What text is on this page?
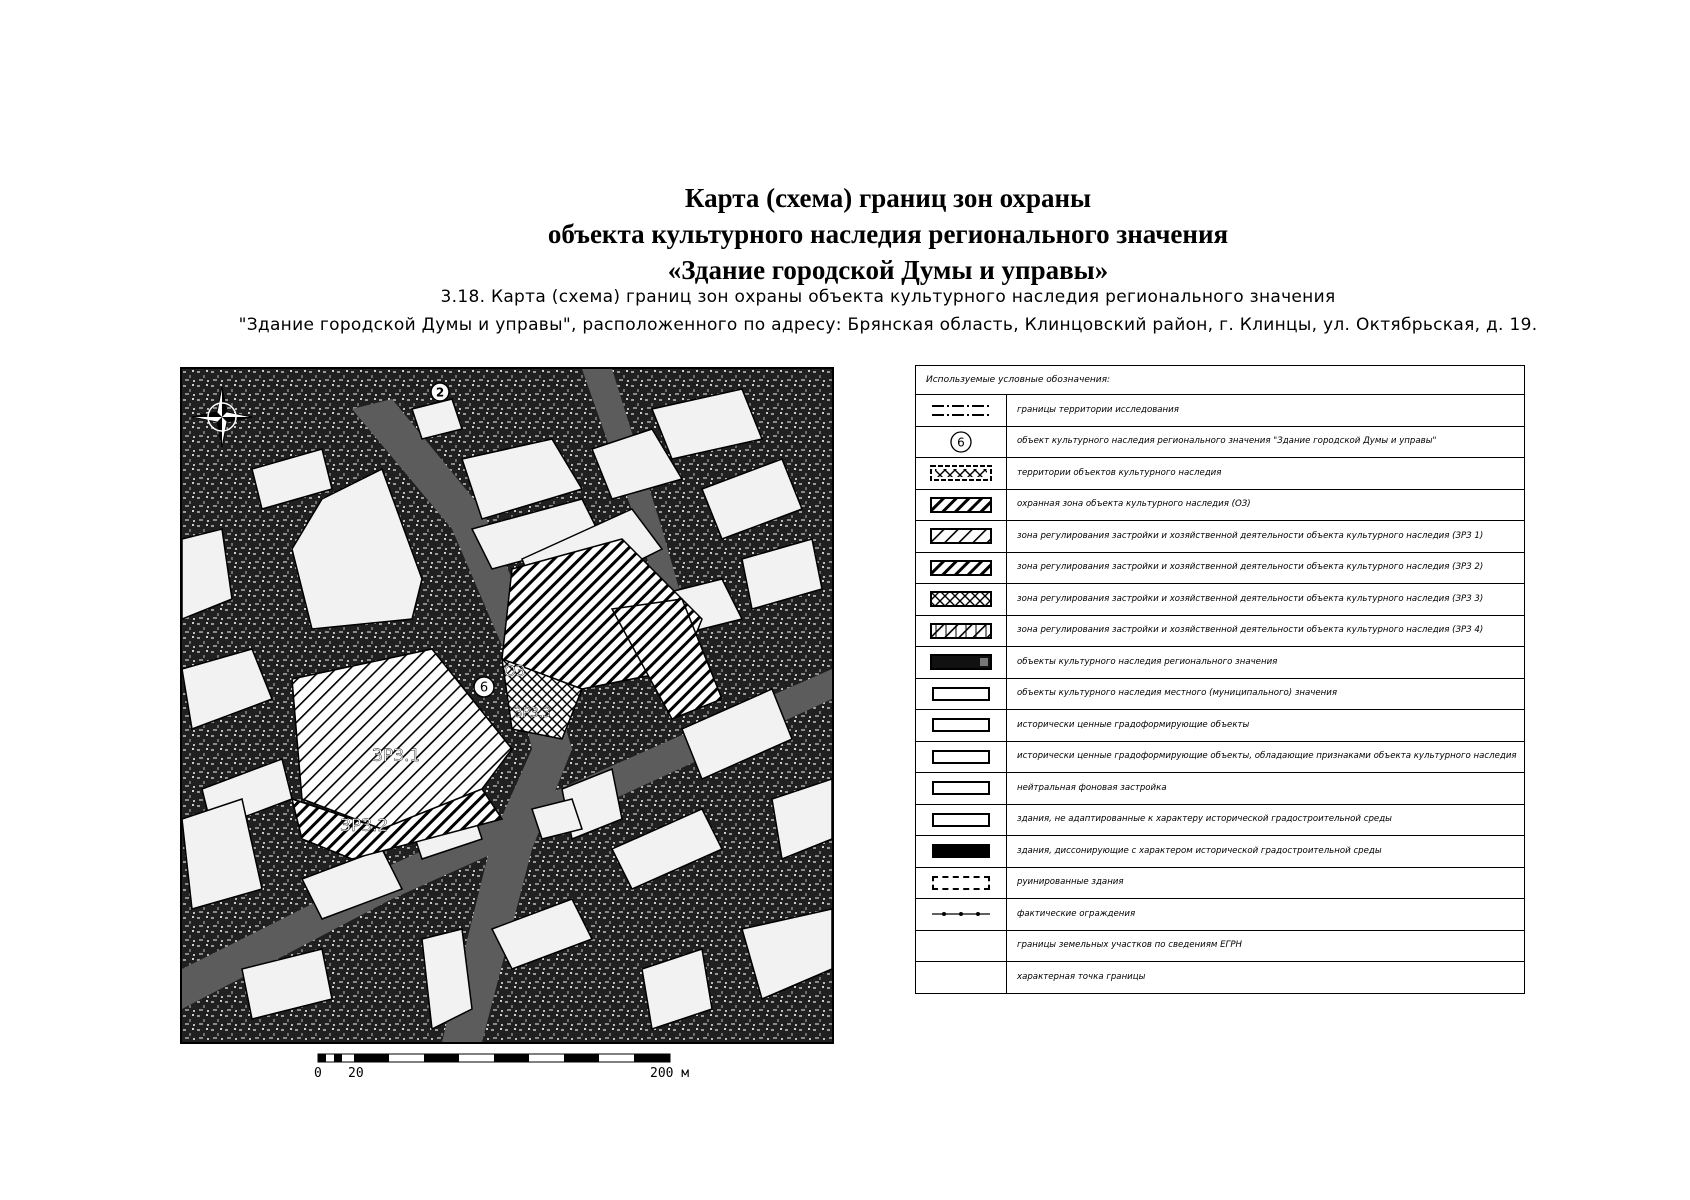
Карта (схема) границ зон охраны
объекта культурного наследия регионального значения
«Здание городской Думы и управы»
3.18. Карта (схема) границ зон охраны объекта культурного наследия регионального значения
"Здание городской Думы и управы", расположенного по адресу: Брянская область, Клинцовский район, г. Клинцы, ул. Октябрьская, д. 19.
2
6
ОЗ
ЗРЗ.1
ЗРЗ.2
ЗРЗ.3
0 20	200 м
Используемые условные обозначения:
границы территории исследования
6	объект культурного наследия регионального значения "Здание городской Думы и управы"
территории объектов культурного наследия
охранная зона объекта культурного наследия (ОЗ)
зона регулирования застройки и хозяйственной деятельности объекта культурного наследия (ЗРЗ 1)
зона регулирования застройки и хозяйственной деятельности объекта культурного наследия (ЗРЗ 2)
зона регулирования застройки и хозяйственной деятельности объекта культурного наследия (ЗРЗ 3)
зона регулирования застройки и хозяйственной деятельности объекта культурного наследия (ЗРЗ 4)
объекты культурного наследия регионального значения
объекты культурного наследия местного (муниципального) значения
исторически ценные градоформирующие объекты
исторически ценные градоформирующие объекты, обладающие признаками объекта культурного наследия
нейтральная фоновая застройка
здания, не адаптированные к характеру исторической градостроительной среды
здания, диссонирующие с характером исторической градостроительной среды
руинированные здания
фактические ограждения
границы земельных участков по сведениям ЕГРН
характерная точка границы
